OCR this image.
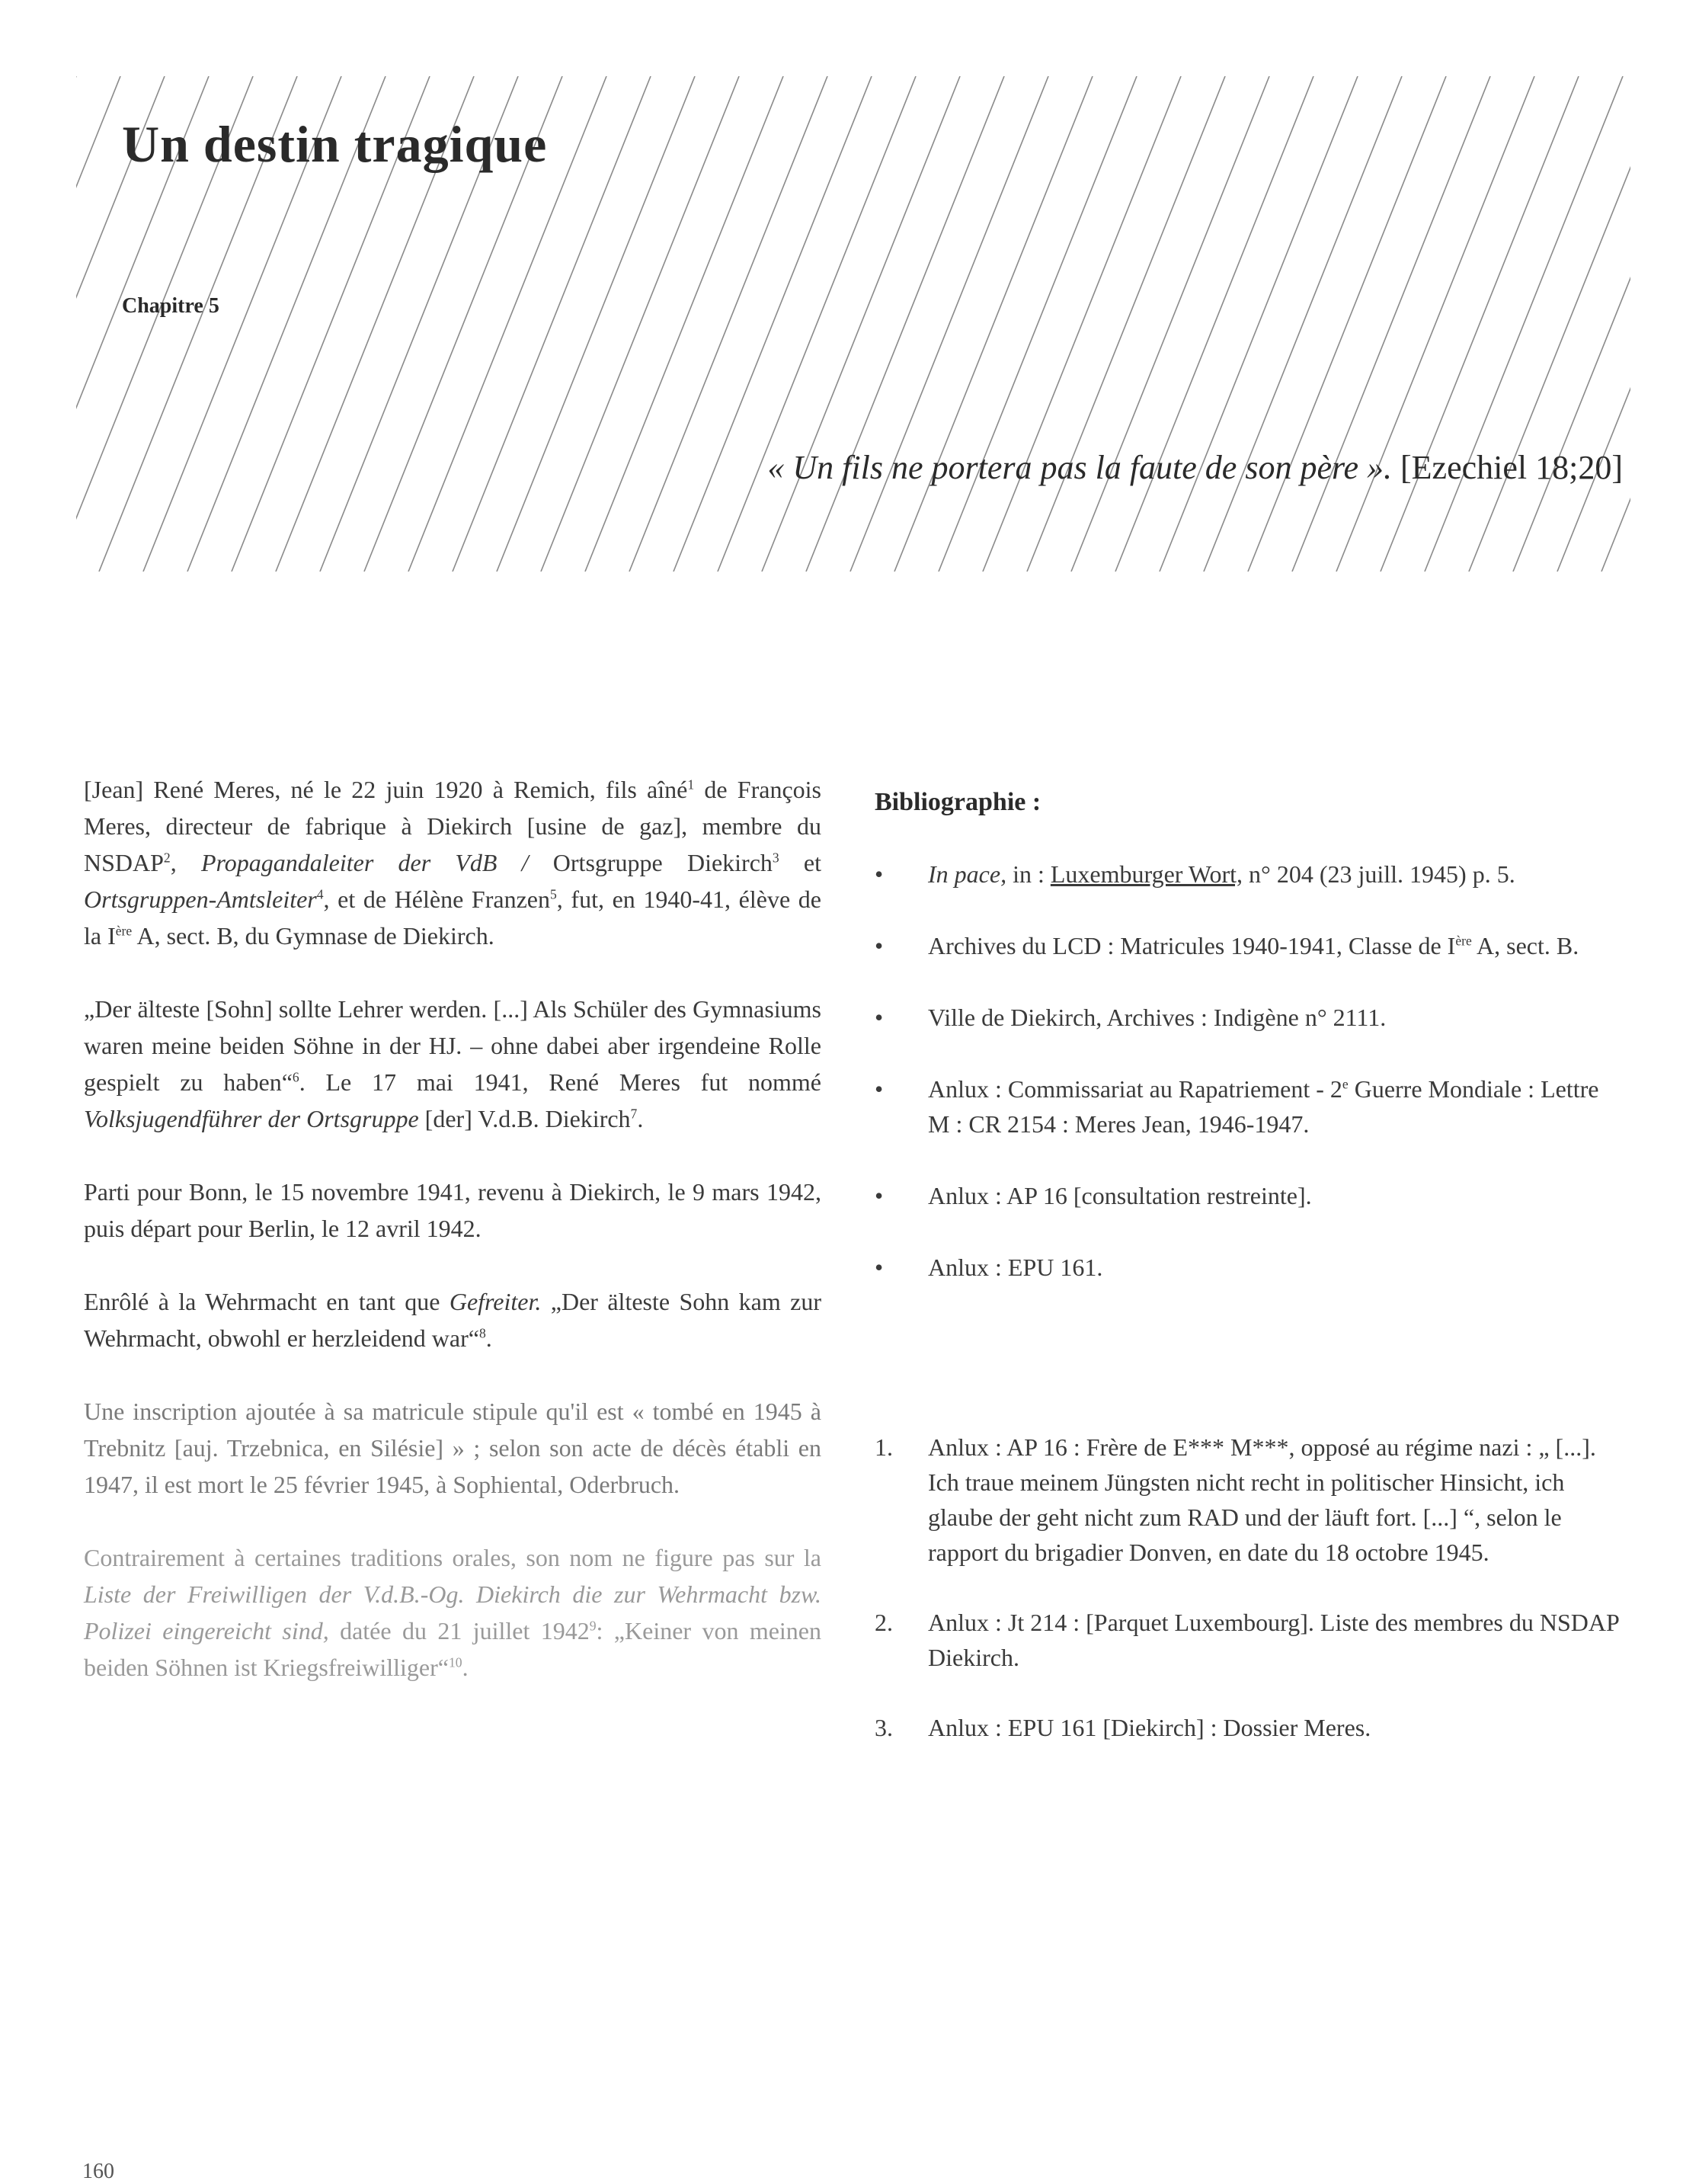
Un destin tragique
Chapitre 5
« Un fils ne portera pas la faute de son père ». [Ezechiel 18;20]

[Jean] René Meres, né le 22 juin 1920 à Remich, fils aîné$^1$ de François Meres, directeur de fabrique à Diekirch [usine de gaz], membre du NSDAP$^2$, Propagandaleiter der VdB / Ortsgruppe Diekirch$^3$ et Ortsgruppen-Amtsleiter$^4$, et de Hélène Franzen$^5$, fut, en 1940-41, élève de la Ière A, sect. B, du Gymnase de Diekirch.

„Der älteste [Sohn] sollte Lehrer werden. [...] Als Schüler des Gymnasiums waren meine beiden Söhne in der HJ. – ohne dabei aber irgendeine Rolle gespielt zu haben“$^6$. Le 17 mai 1941, René Meres fut nommé Volksjugendführer der Ortsgruppe [der] V.d.B. Diekirch$^7$.

Parti pour Bonn, le 15 novembre 1941, revenu à Diekirch, le 9 mars 1942, puis départ pour Berlin, le 12 avril 1942.

Enrôlé à la Wehrmacht en tant que Gefreiter. „Der älteste Sohn kam zur Wehrmacht, obwohl er herzleidend war“$^8$.

Une inscription ajoutée à sa matricule stipule qu'il est « tombé en 1945 à Trebnitz [auj. Trzebnica, en Silésie] » ; selon son acte de décès établi en 1947, il est mort le 25 février 1945, à Sophiental, Oderbruch.

Contrairement à certaines traditions orales, son nom ne figure pas sur la Liste der Freiwilligen der V.d.B.-Og. Diekirch die zur Wehrmacht bzw. Polizei eingereicht sind, datée du 21 juillet 1942$^9$: „Keiner von meinen beiden Söhnen ist Kriegsfreiwilliger“$^{10}$.

Bibliographie :
• In pace, in : Luxemburger Wort, n° 204 (23 juill. 1945) p. 5.
• Archives du LCD : Matricules 1940-1941, Classe de Ière A, sect. B.
• Ville de Diekirch, Archives : Indigène n° 2111.
• Anlux : Commissariat au Rapatriement - 2e Guerre Mondiale : Lettre M : CR 2154 : Meres Jean, 1946-1947.
• Anlux : AP 16 [consultation restreinte].
• Anlux : EPU 161.
1. Anlux : AP 16 : Frère de E*** M***, opposé au régime nazi : „ [...]. Ich traue meinem Jüngsten nicht recht in politischer Hinsicht, ich glaube der geht nicht zum RAD und der läuft fort. [...] “, selon le rapport du brigadier Donven, en date du 18 octobre 1945.
2. Anlux : Jt 214 : [Parquet Luxembourg]. Liste des membres du NSDAP Diekirch.
3. Anlux : EPU 161 [Diekirch] : Dossier Meres.
160
